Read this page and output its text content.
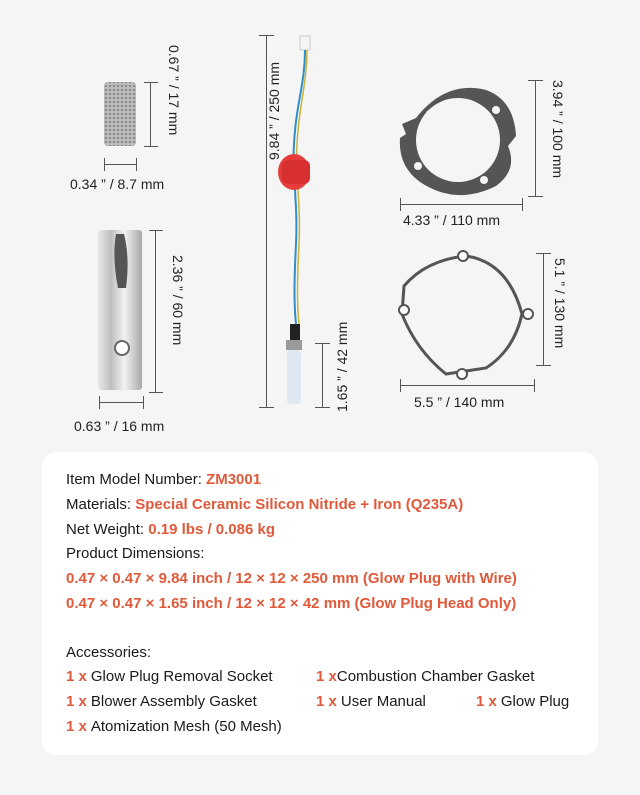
0.67 ” / 17 mm
0.34 ” / 8.7 mm
2.36 ” / 60 mm
0.63 ” / 16 mm
9.84 ” / 250 mm
1.65 ” / 42 mm
3.94 ” / 100 mm
4.33 ” / 110 mm
5.1 ” / 130 mm
5.5 ” / 140 mm
Item Model Number: ZM3001
Materials: Special Ceramic Silicon Nitride + Iron (Q235A)
Net Weight: 0.19 lbs / 0.086 kg
Product Dimensions:
0.47 × 0.47 × 9.84 inch / 12 × 12 × 250 mm (Glow Plug with Wire)
0.47 × 0.47 × 1.65 inch / 12 × 12 × 42 mm (Glow Plug Head Only)
Accessories:
1 x Glow Plug Removal Socket	1 xCombustion Chamber Gasket
1 x Blower Assembly Gasket	1 x User Manual	1 x Glow Plug
1 x Atomization Mesh (50 Mesh)
